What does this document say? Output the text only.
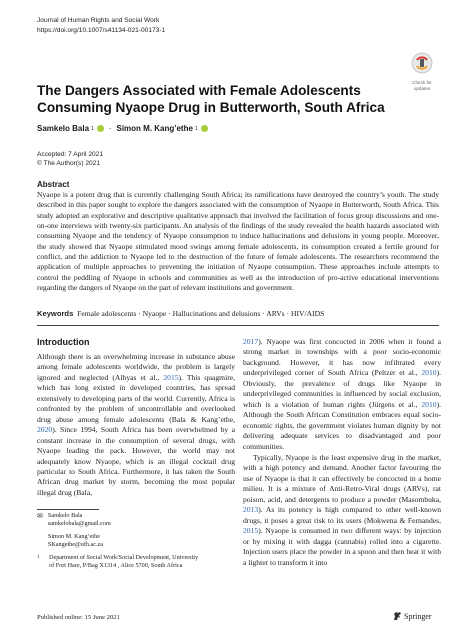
Journal of Human Rights and Social Work
https://doi.org/10.1007/s41134-021-00173-1
Check for
updates
The Dangers Associated with Female Adolescents Consuming Nyaope Drug in Butterworth, South Africa
Samkelo Bala 1 · Simon M. Kang’ethe 1
Accepted: 7 April 2021
© The Author(s) 2021
Abstract
Nyaope is a potent drug that is currently challenging South Africa; its ramifications have destroyed the country’s youth. The study described in this paper sought to explore the dangers associated with the consumption of Nyaope in Butterworth, South Africa. This study adopted an explorative and descriptive qualitative approach that involved the facilitation of focus group discussions and one-on-one interviews with twenty-six participants. An analysis of the findings of the study revealed the health hazards associated with consuming Nyaope and the tendency of Nyaope consumption to induce hallucinations and delusions in young people. Moreover, the study showed that Nyaope stimulated mood swings among female adolescents, its consumption created a fertile ground for conflict, and the addiction to Nyaope led to the destruction of the future of female adolescents. The researchers recommend the application of multiple approaches to preventing the initiation of Nyaope consumption. These approaches include attempts to control the peddling of Nyaope in schools and communities as well as the introduction of pro-active educational interventions regarding the dangers of Nyaope on the part of relevant institutions and government.
Keywords Female adolescents · Nyaope · Hallucinations and delusions · ARVs · HIV/AIDS
Introduction

Although there is an overwhelming increase in substance abuse among female adolescents worldwide, the problem is largely ignored and neglected (Alhyas et al., 2015). This quagmire, which has long existed in developed countries, has spread extensively to developing parts of the world. Currently, Africa is confronted by the problem of uncontrollable and overlooked drug abuse among female adolescents (Bala & Kang’ethe, 2020). Since 1994, South Africa has been overwhelmed by a constant increase in the consumption of several drugs, with Nyaope leading the pack. However, the world may not adequately know Nyaope, which is an illegal cocktail drug particular to South Africa. Furthermore, it has taken the South African drug market by storm, becoming the most popular illegal drug (Bala,

2017). Nyaope was first concocted in 2006 when it found a strong market in townships with a poor socio-economic background. However, it has now infiltrated every underprivileged corner of South Africa (Peltzer et al., 2010). Obviously, the prevalence of drugs like Nyaope in underprivileged communities is influenced by social exclusion, which is a violation of human rights (Jürgens et al., 2010). Although the South African Constitution embraces equal socio-economic rights, the government violates human dignity by not delivering adequate services to disadvantaged and poor communities.

Typically, Nyaope is the least expensive drug in the market, with a high potency and demand. Another factor favouring the use of Nyaope is that it can effectively be concocted in a home milieu. It is a mixture of Anti-Retro-Viral drugs (ARVs), rat poison, acid, and detergents to produce a powder (Masombuka, 2013). As its potency is high compared to other well-known drugs, it poses a great risk to its users (Mokwena & Fernandes, 2015). Nyaope is consumed in two different ways: by injection or by mixing it with dagga (cannabis) rolled into a cigarette. Injection users place the powder in a spoon and then heat it with a lighter to transform it into

✉ Samkelo Bala
samkelobala@gmail.com
Simon M. Kang’ethe
SKangethe@ufh.ac.za
1	Department of Social Work/Social Development, University
of Fort Hare, P/Bag X1314 , Alice 5700, South Africa
Published online: 15 June 2021	Springer
